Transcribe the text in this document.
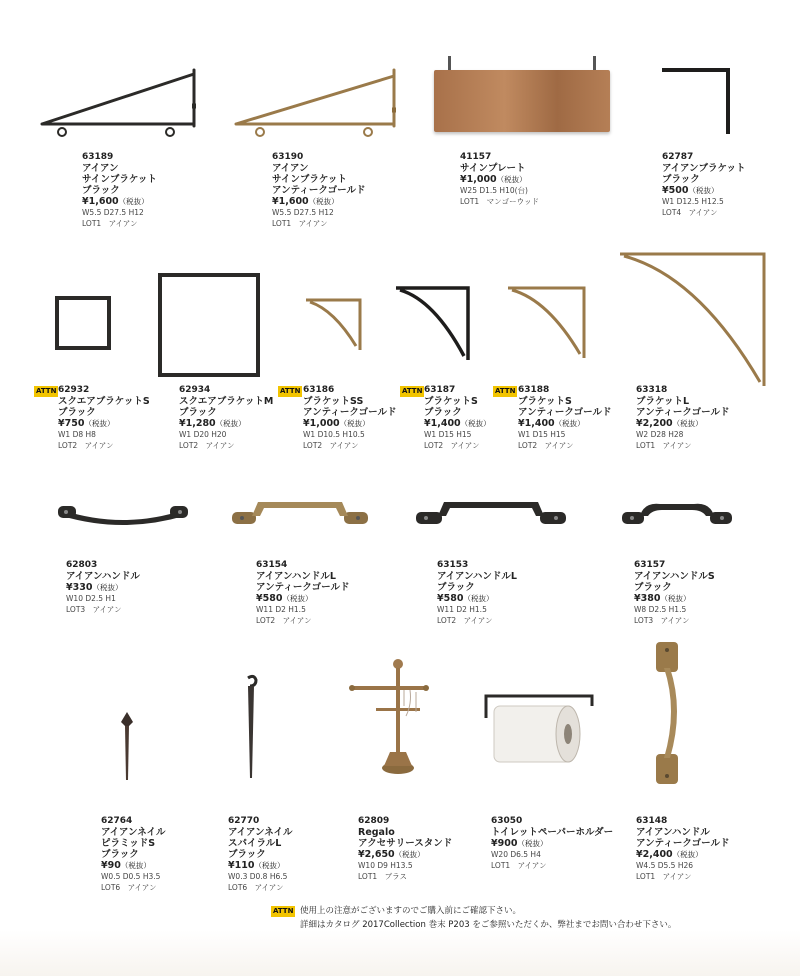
63189
アイアン
サインブラケット
ブラック
¥1,600（税抜）
W5.5 D27.5 H12
LOT1　アイアン
63190
アイアン
サインブラケット
アンティークゴールド
¥1,600（税抜）
W5.5 D27.5 H12
LOT1　アイアン
41157
サインプレート
¥1,000（税抜）
W25 D1.5 H10(台)
LOT1　マンゴーウッド
62787
アイアンブラケット
ブラック
¥500（税抜）
W1 D12.5 H12.5
LOT4　アイアン
62932
スクエアブラケットS
ブラック
¥750（税抜）
W1 D8 H8
LOT2　アイアン
ATTN	62934
スクエアブラケットM
ブラック
¥1,280（税抜）
W1 D20 H20
LOT2　アイアン
63186
ブラケットSS
アンティークゴールド
¥1,000（税抜）
W1 D10.5 H10.5
LOT2　アイアン
ATTN	63187
ブラケットS
ブラック
¥1,400（税抜）
W1 D15 H15
LOT2　アイアン
ATTN	63188
ブラケットS
アンティークゴールド
¥1,400（税抜）
W1 D15 H15
LOT2　アイアン
ATTN	63318
ブラケットL
アンティークゴールド
¥2,200（税抜）
W2 D28 H28
LOT1　アイアン
62803
アイアンハンドル
¥330（税抜）
W10 D2.5 H1
LOT3　アイアン
63154
アイアンハンドルL
アンティークゴールド
¥580（税抜）
W11 D2 H1.5
LOT2　アイアン
63153
アイアンハンドルL
ブラック
¥580（税抜）
W11 D2 H1.5
LOT2　アイアン
63157
アイアンハンドルS
ブラック
¥380（税抜）
W8 D2.5 H1.5
LOT3　アイアン
62764
アイアンネイル
ピラミッドS
ブラック
¥90（税抜）
W0.5 D0.5 H3.5
LOT6　アイアン
62770
アイアンネイル
スパイラルL
ブラック
¥110（税抜）
W0.3 D0.8 H6.5
LOT6　アイアン
62809
Regalo
アクセサリースタンド
¥2,650（税抜）
W10 D9 H13.5
LOT1　ブラス
63050
トイレットペーパーホルダー
¥900（税抜）
W20 D6.5 H4
LOT1　アイアン
63148
アイアンハンドル
アンティークゴールド
¥2,400（税抜）
W4.5 D5.5 H26
LOT1　アイアン
ATTN 使用上の注意がございますのでご購入前にご確認下さい。
詳細はカタログ 2017Collection 巻末 P203 をご参照いただくか、弊社までお問い合わせ下さい。
